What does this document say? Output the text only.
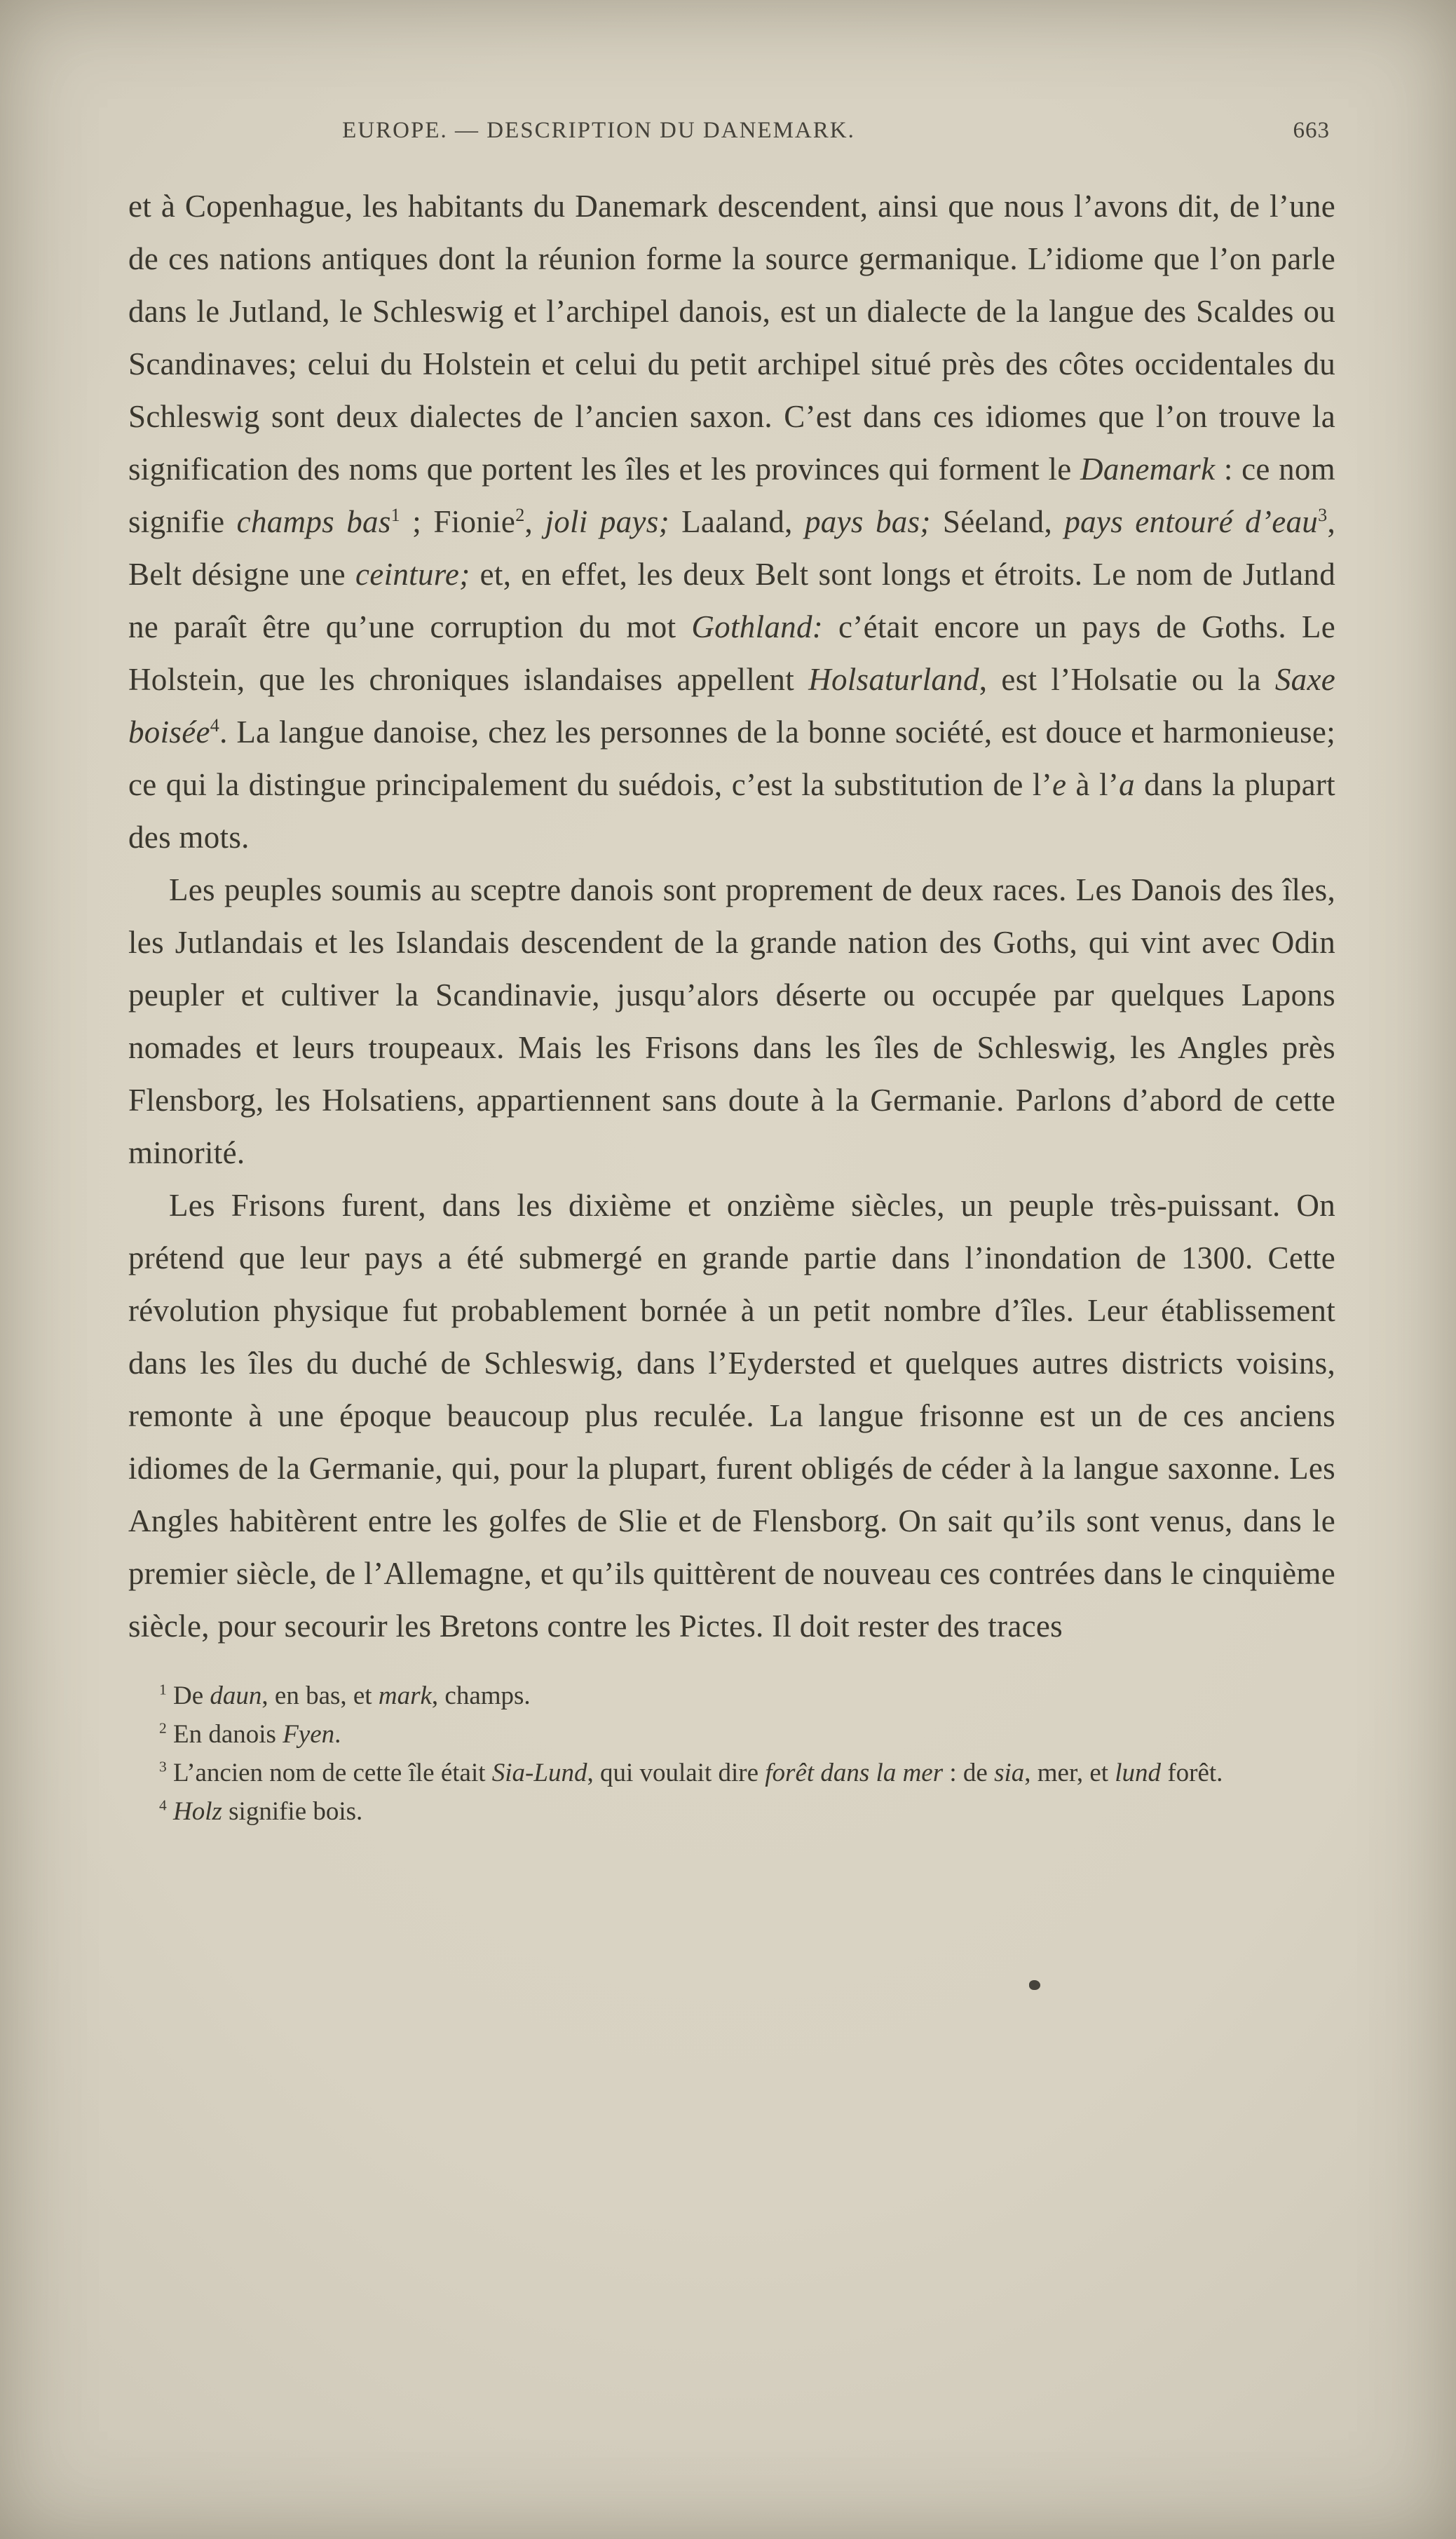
EUROPE. — DESCRIPTION DU DANEMARK.	663

et à Copenhague, les habitants du Danemark descendent, ainsi que nous l’avons dit, de l’une de ces nations antiques dont la réunion forme la source germanique. L’idiome que l’on parle dans le Jutland, le Schleswig et l’archipel danois, est un dialecte de la langue des Scaldes ou Scandinaves; celui du Holstein et celui du petit archipel situé près des côtes occidentales du Schleswig sont deux dialectes de l’ancien saxon. C’est dans ces idiomes que l’on trouve la signification des noms que portent les îles et les provinces qui forment le Danemark : ce nom signifie champs bas$^1$ ; Fionie$^2$, joli pays; Laaland, pays bas; Séeland, pays entouré d’eau$^3$, Belt désigne une ceinture; et, en effet, les deux Belt sont longs et étroits. Le nom de Jutland ne paraît être qu’une corruption du mot Gothland: c’était encore un pays de Goths. Le Holstein, que les chroniques islandaises appellent Holsaturland, est l’Holsatie ou la Saxe boisée$^4$. La langue danoise, chez les personnes de la bonne société, est douce et harmonieuse; ce qui la distingue principalement du suédois, c’est la substitution de l’e à l’a dans la plupart des mots.

Les peuples soumis au sceptre danois sont proprement de deux races. Les Danois des îles, les Jutlandais et les Islandais descendent de la grande nation des Goths, qui vint avec Odin peupler et cultiver la Scandinavie, jusqu’alors déserte ou occupée par quelques Lapons nomades et leurs troupeaux. Mais les Frisons dans les îles de Schleswig, les Angles près Flensborg, les Holsatiens, appartiennent sans doute à la Germanie. Parlons d’abord de cette minorité.

Les Frisons furent, dans les dixième et onzième siècles, un peuple très-puissant. On prétend que leur pays a été submergé en grande partie dans l’inondation de 1300. Cette révolution physique fut probablement bornée à un petit nombre d’îles. Leur établissement dans les îles du duché de Schleswig, dans l’Eydersted et quelques autres districts voisins, remonte à une époque beaucoup plus reculée. La langue frisonne est un de ces anciens idiomes de la Germanie, qui, pour la plupart, furent obligés de céder à la langue saxonne. Les Angles habitèrent entre les golfes de Slie et de Flensborg. On sait qu’ils sont venus, dans le premier siècle, de l’Allemagne, et qu’ils quittèrent de nouveau ces contrées dans le cinquième siècle, pour secourir les Bretons contre les Pictes. Il doit rester des traces

$^1$ De daun, en bas, et mark, champs.

$^2$ En danois Fyen.

$^3$ L’ancien nom de cette île était Sia-Lund, qui voulait dire forêt dans la mer : de sia, mer, et lund forêt.

$^4$ Holz signifie bois.
